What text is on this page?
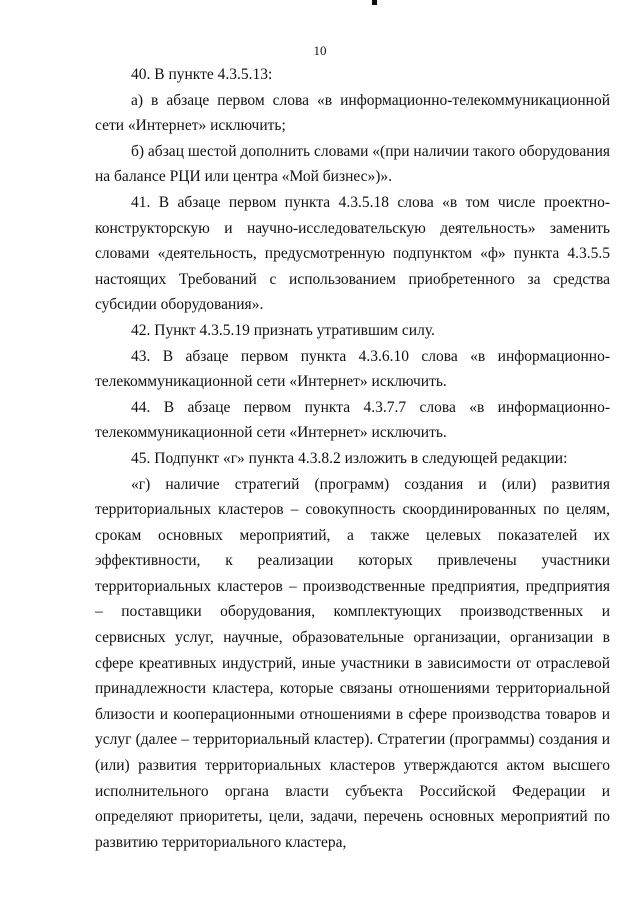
10

40. В пункте 4.3.5.13:

а) в абзаце первом слова «в информационно-телекоммуникационной сети «Интернет» исключить;

б) абзац шестой дополнить словами «(при наличии такого оборудования на балансе РЦИ или центра «Мой бизнес»)».

41. В абзаце первом пункта 4.3.5.18 слова «в том числе проектно-конструкторскую и научно-исследовательскую деятельность» заменить словами «деятельность, предусмотренную подпунктом «ф» пункта 4.3.5.5 настоящих Требований с использованием приобретенного за средства субсидии оборудования».

42. Пункт 4.3.5.19 признать утратившим силу.

43. В абзаце первом пункта 4.3.6.10 слова «в информационно-телекоммуникационной сети «Интернет» исключить.

44. В абзаце первом пункта 4.3.7.7 слова «в информационно-телекоммуникационной сети «Интернет» исключить.

45. Подпункт «г» пункта 4.3.8.2 изложить в следующей редакции:

«г) наличие стратегий (программ) создания и (или) развития территориальных кластеров – совокупность скоординированных по целям, срокам основных мероприятий, а также целевых показателей их эффективности, к реализации которых привлечены участники территориальных кластеров – производственные предприятия, предприятия – поставщики оборудования, комплектующих производственных и сервисных услуг, научные, образовательные организации, организации в сфере креативных индустрий, иные участники в зависимости от отраслевой принадлежности кластера, которые связаны отношениями территориальной близости и кооперационными отношениями в сфере производства товаров и услуг (далее – территориальный кластер). Стратегии (программы) создания и (или) развития территориальных кластеров утверждаются актом высшего исполнительного органа власти субъекта Российской Федерации и определяют приоритеты, цели, задачи, перечень основных мероприятий по развитию территориального кластера,
